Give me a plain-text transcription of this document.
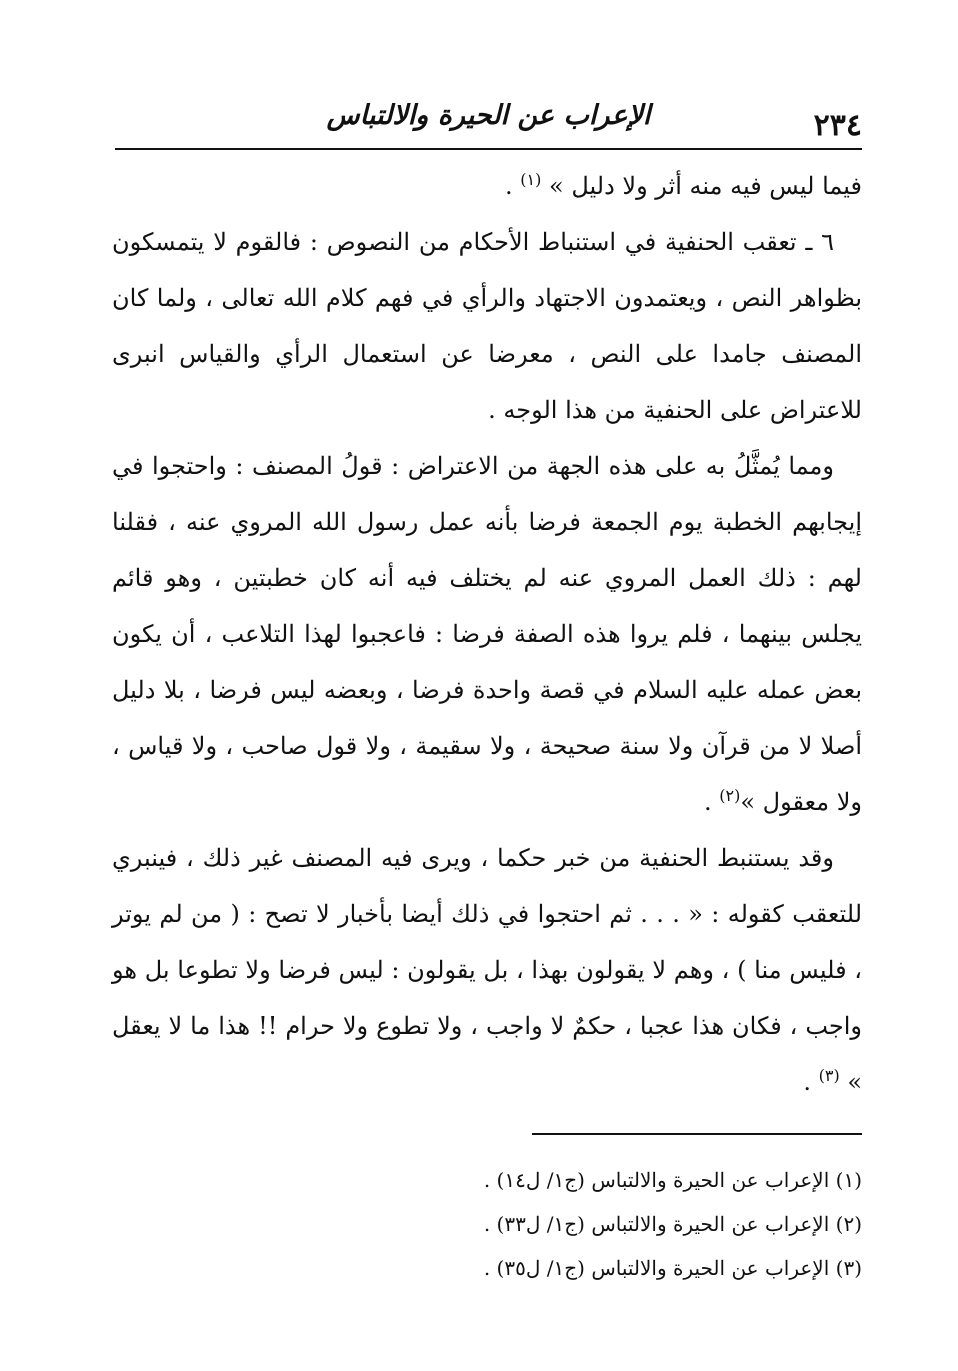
٢٣٤
الإعراب عن الحيرة والالتباس

فيما ليس فيه منه أثر ولا دليل » $^{(١)}$ .

٦ ـ تعقب الحنفية في استنباط الأحكام من النصوص : فالقوم لا يتمسكون بظواهر النص ، ويعتمدون الاجتهاد والرأي في فهم كلام الله تعالى ، ولما كان المصنف جامدا على النص ، معرضا عن استعمال الرأي والقياس انبرى للاعتراض على الحنفية من هذا الوجه .

ومما يُمثَّلُ به على هذه الجهة من الاعتراض : قولُ المصنف : واحتجوا في إيجابهم الخطبة يوم الجمعة فرضا بأنه عمل رسول الله المروي عنه ، فقلنا لهم : ذلك العمل المروي عنه لم يختلف فيه أنه كان خطبتين ، وهو قائم يجلس بينهما ، فلم يروا هذه الصفة فرضا : فاعجبوا لهذا التلاعب ، أن يكون بعض عمله عليه السلام في قصة واحدة فرضا ، وبعضه ليس فرضا ، بلا دليل أصلا لا من قرآن ولا سنة صحيحة ، ولا سقيمة ، ولا قول صاحب ، ولا قياس ، ولا معقول »$^{(٢)}$ .

وقد يستنبط الحنفية من خبر حكما ، ويرى فيه المصنف غير ذلك ، فينبري للتعقب كقوله : « . . . ثم احتجوا في ذلك أيضا بأخبار لا تصح : ( من لم يوتر ، فليس منا ) ، وهم لا يقولون بهذا ، بل يقولون : ليس فرضا ولا تطوعا بل هو واجب ، فكان هذا عجبا ، حكمٌ لا واجب ، ولا تطوع ولا حرام !! هذا ما لا يعقل » $^{(٣)}$ .

(١) الإعراب عن الحيرة والالتباس (ج١/ ل١٤) .
(٢) الإعراب عن الحيرة والالتباس (ج١/ ل٣٣) .
(٣) الإعراب عن الحيرة والالتباس (ج١/ ل٣٥) .
